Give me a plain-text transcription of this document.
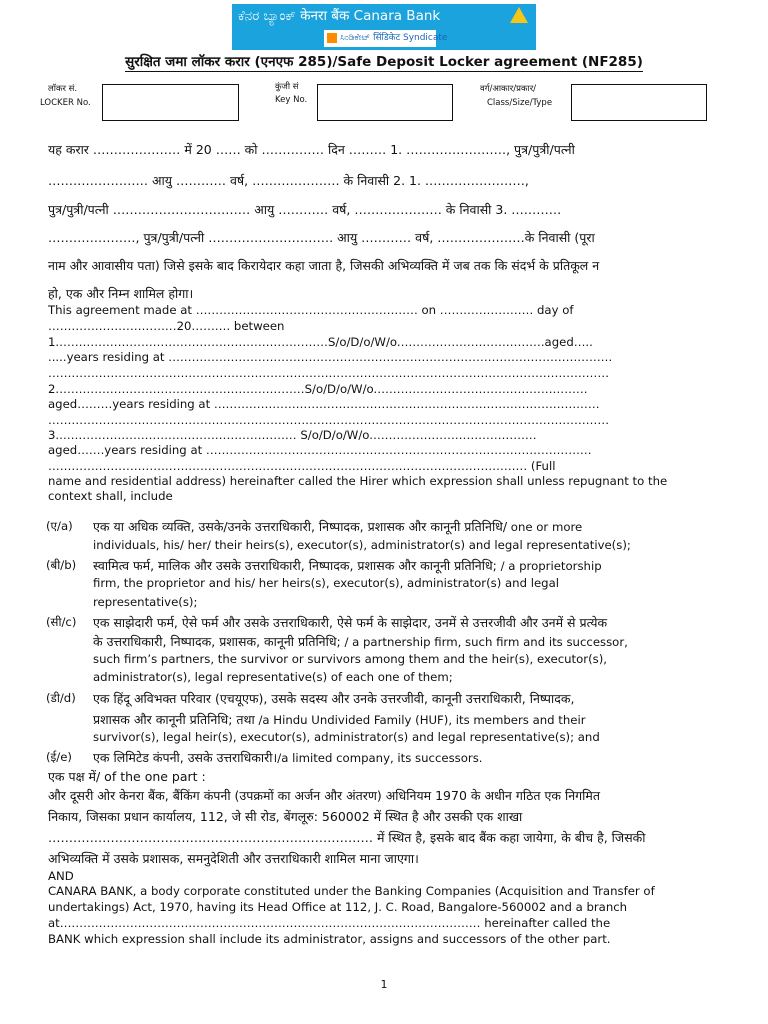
ಕೆನರ ಬ್ಯಾಂಕ್ केनरा बैंक Canara Bank
ಸಿಂಡಿಕೇಟ್ सिंडिकेट Syndicate
सुरक्षित जमा लॉकर करार (एनएफ 285)/Safe Deposit Locker agreement (NF285)
लॉकर सं.
LOCKER No.
कुंजी सं
Key No.
वर्ग/आकार/प्रकार/
Class/Size/Type
यह करार ………………… में 20 …… को …………… दिन ……… 1. ……………………, पुत्र/पुत्री/पत्नी
…………………… आयु ………… वर्ष, ………………… के निवासी 2. 1. ……………………,
पुत्र/पुत्री/पत्नी …………………………… आयु ………… वर्ष, ………………… के निवासी 3. …………
…………………, पुत्र/पुत्री/पत्नी ………………………… आयु ………… वर्ष, …………………के निवासी (पूरा
नाम और आवासीय पता) जिसे इसके बाद किरायेदार कहा जाता है, जिसकी अभिव्यक्ति में जब तक कि संदर्भ के प्रतिकूल न
हो, एक और निम्न शामिल होगा।
This agreement made at ………………………………………………… on …………………… day of
……………………………20………. between
1.……………………………………………………………S/o/D/o/W/o.……………………………….aged…..
.....years residing at ……………………………………………………………………………………………………
………………………………………………………………………………………………………………………………
2.………………………………………………………S/o/D/o/W/o.………………………………………………
aged………years residing at ………………………………………………………………………………………
………………………………………………………………………………………………………………………………
3..…………………………………………………… S/o/D/o/W/o.……………………………………
aged…….years residing at ………………………………………………………………………………………
…………………………………………………………………………………………………………… (Full
name and residential address) hereinafter called the Hirer which expression shall unless repugnant to the
context shall, include
(ए/a) एक या अधिक व्यक्ति, उसके/उनके उत्तराधिकारी, निष्पादक, प्रशासक और कानूनी प्रतिनिधि/ one or more
individuals, his/ her/ their heirs(s), executor(s), administrator(s) and legal representative(s);
(बी/b) स्वामित्व फर्म, मालिक और उसके उत्तराधिकारी, निष्पादक, प्रशासक और कानूनी प्रतिनिधि; / a proprietorship
firm, the proprietor and his/ her heirs(s), executor(s), administrator(s) and legal
representative(s);
(सी/c) एक साझेदारी फर्म, ऐसे फर्म और उसके उत्तराधिकारी, ऐसे फर्म के साझेदार, उनमें से उत्तरजीवी और उनमें से प्रत्येक
के उत्तराधिकारी, निष्पादक, प्रशासक, कानूनी प्रतिनिधि; / a partnership firm, such firm and its successor,
such firm’s partners, the survivor or survivors among them and the heir(s), executor(s),
administrator(s), legal representative(s) of each one of them;
(डी/d) एक हिंदू अविभक्त परिवार (एचयूएफ), उसके सदस्य और उनके उत्तरजीवी, कानूनी उत्तराधिकारी, निष्पादक,
प्रशासक और कानूनी प्रतिनिधि; तथा /a Hindu Undivided Family (HUF), its members and their
survivor(s), legal heir(s), executor(s), administrator(s) and legal representative(s); and
(ई/e) एक लिमिटेड कंपनी, उसके उत्तराधिकारी।/a limited company, its successors.
एक पक्ष में/ of the one part :
और दूसरी ओर केनरा बैंक, बैंकिंग कंपनी (उपक्रमों का अर्जन और अंतरण) अधिनियम 1970 के अधीन गठित एक निगमित
निकाय, जिसका प्रधान कार्यालय, 112, जे सी रोड, बेंगलूरु: 560002 में स्थित है और उसकी एक शाखा
…………………………………………………………………… में स्थित है, इसके बाद बैंक कहा जायेगा, के बीच है, जिसकी
अभिव्यक्ति में उसके प्रशासक, समनुदेशिती और उत्तराधिकारी शामिल माना जाएगा।
AND
CANARA BANK, a body corporate constituted under the Banking Companies (Acquisition and Transfer of
undertakings) Act, 1970, having its Head Office at 112, J. C. Road, Bangalore-560002 and a branch
at……………………………………………………………………………………………… hereinafter called the
BANK which expression shall include its administrator, assigns and successors of the other part.
1
